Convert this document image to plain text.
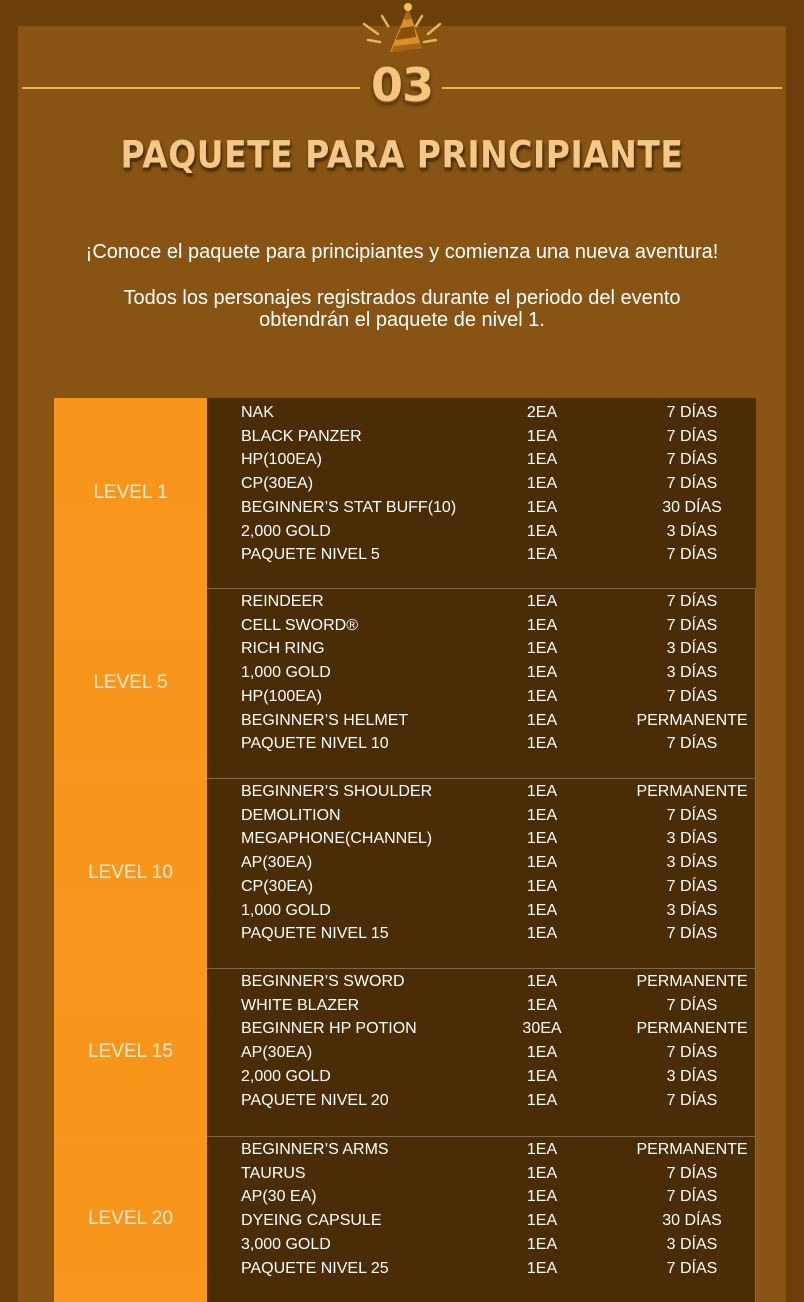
03
PAQUETE PARA PRINCIPIANTE
¡Conoce el paquete para principiantes y comienza una nueva aventura!
Todos los personajes registrados durante el periodo del evento
obtendrán el paquete de nivel 1.
LEVEL 1
NAK	2EA	7 DÍAS
BLACK PANZER	1EA	7 DÍAS
HP(100EA)	1EA	7 DÍAS
CP(30EA)	1EA	7 DÍAS
BEGINNER’S STAT BUFF(10)	1EA	30 DÍAS
2,000 GOLD	1EA	3 DÍAS
PAQUETE NIVEL 5	1EA	7 DÍAS
LEVEL 5
REINDEER	1EA	7 DÍAS
CELL SWORD®	1EA	7 DÍAS
RICH RING	1EA	3 DÍAS
1,000 GOLD	1EA	3 DÍAS
HP(100EA)	1EA	7 DÍAS
BEGINNER’S HELMET	1EA	PERMANENTE
PAQUETE NIVEL 10	1EA	7 DÍAS
LEVEL 10
BEGINNER’S SHOULDER	1EA	PERMANENTE
DEMOLITION	1EA	7 DÍAS
MEGAPHONE(CHANNEL)	1EA	3 DÍAS
AP(30EA)	1EA	3 DÍAS
CP(30EA)	1EA	7 DÍAS
1,000 GOLD	1EA	3 DÍAS
PAQUETE NIVEL 15	1EA	7 DÍAS
LEVEL 15
BEGINNER’S SWORD	1EA	PERMANENTE
WHITE BLAZER	1EA	7 DÍAS
BEGINNER HP POTION	30EA	PERMANENTE
AP(30EA)	1EA	7 DÍAS
2,000 GOLD	1EA	3 DÍAS
PAQUETE NIVEL 20	1EA	7 DÍAS
LEVEL 20
BEGINNER’S ARMS	1EA	PERMANENTE
TAURUS	1EA	7 DÍAS
AP(30 EA)	1EA	7 DÍAS
DYEING CAPSULE	1EA	30 DÍAS
3,000 GOLD	1EA	3 DÍAS
PAQUETE NIVEL 25	1EA	7 DÍAS
